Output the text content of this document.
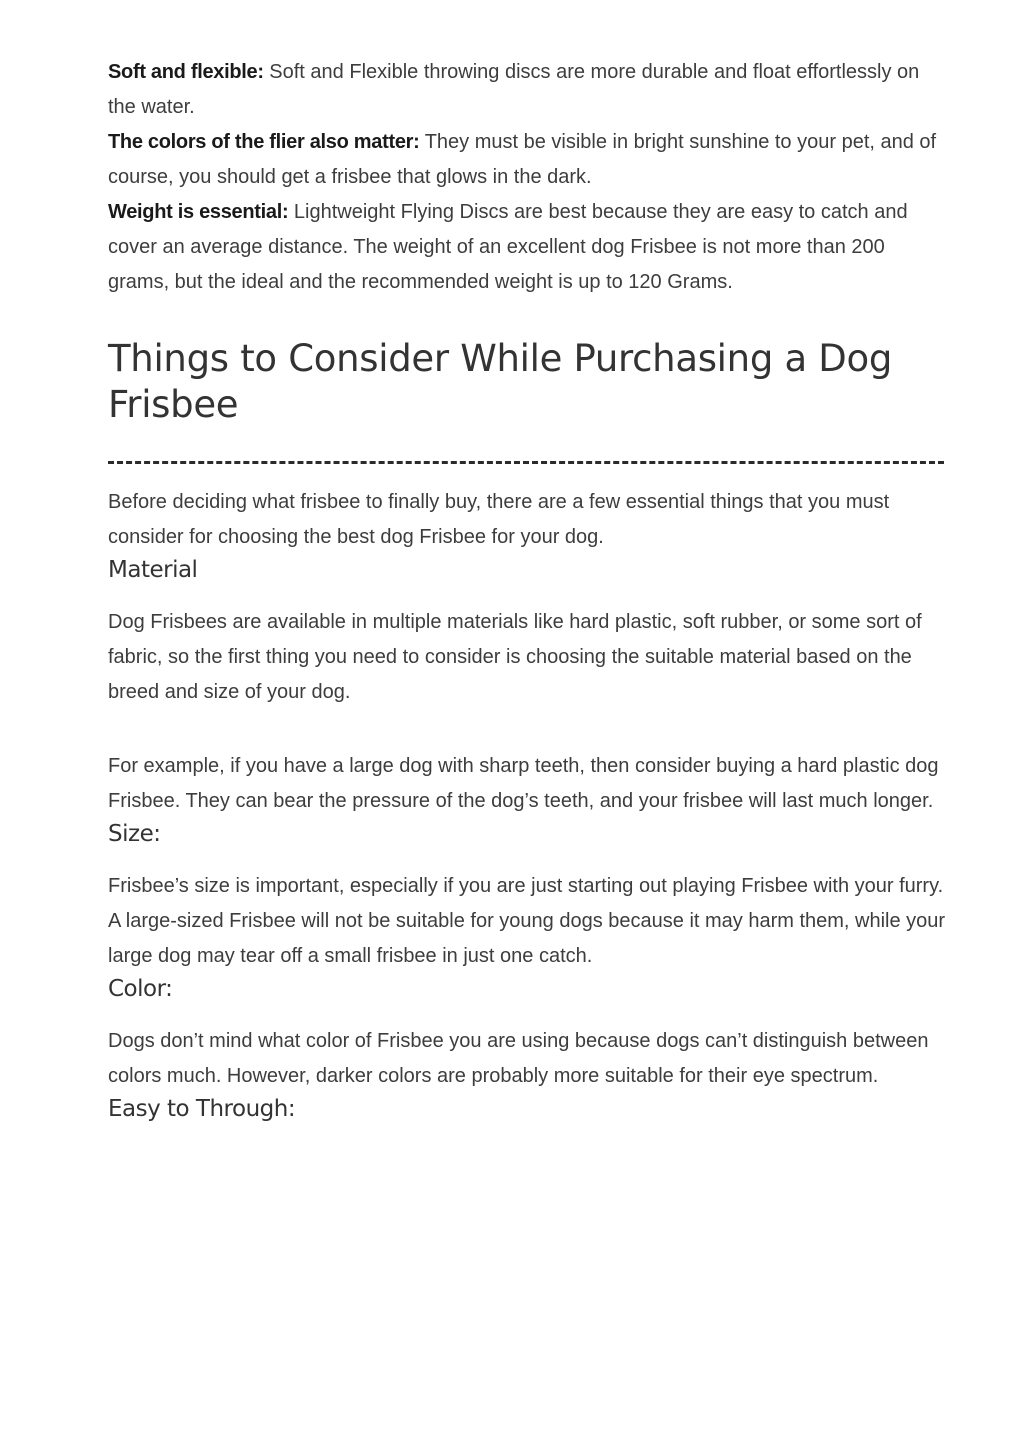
Soft and flexible: Soft and Flexible throwing discs are more durable and float effortlessly on the water.

The colors of the flier also matter: They must be visible in bright sunshine to your pet, and of course, you should get a frisbee that glows in the dark.

Weight is essential: Lightweight Flying Discs are best because they are easy to catch and cover an average distance. The weight of an excellent dog Frisbee is not more than 200 grams, but the ideal and the recommended weight is up to 120 Grams.

Things to Consider While Purchasing a Dog Frisbee

Before deciding what frisbee to finally buy, there are a few essential things that you must consider for choosing the best dog Frisbee for your dog.

Material

Dog Frisbees are available in multiple materials like hard plastic, soft rubber, or some sort of fabric, so the first thing you need to consider is choosing the suitable material based on the breed and size of your dog.

For example, if you have a large dog with sharp teeth, then consider buying a hard plastic dog Frisbee. They can bear the pressure of the dog’s teeth, and your frisbee will last much longer.

Size:

Frisbee’s size is important, especially if you are just starting out playing Frisbee with your furry. A large-sized Frisbee will not be suitable for young dogs because it may harm them, while your large dog may tear off a small frisbee in just one catch.

Color:

Dogs don’t mind what color of Frisbee you are using because dogs can’t distinguish between colors much. However, darker colors are probably more suitable for their eye spectrum.

Easy to Through:
